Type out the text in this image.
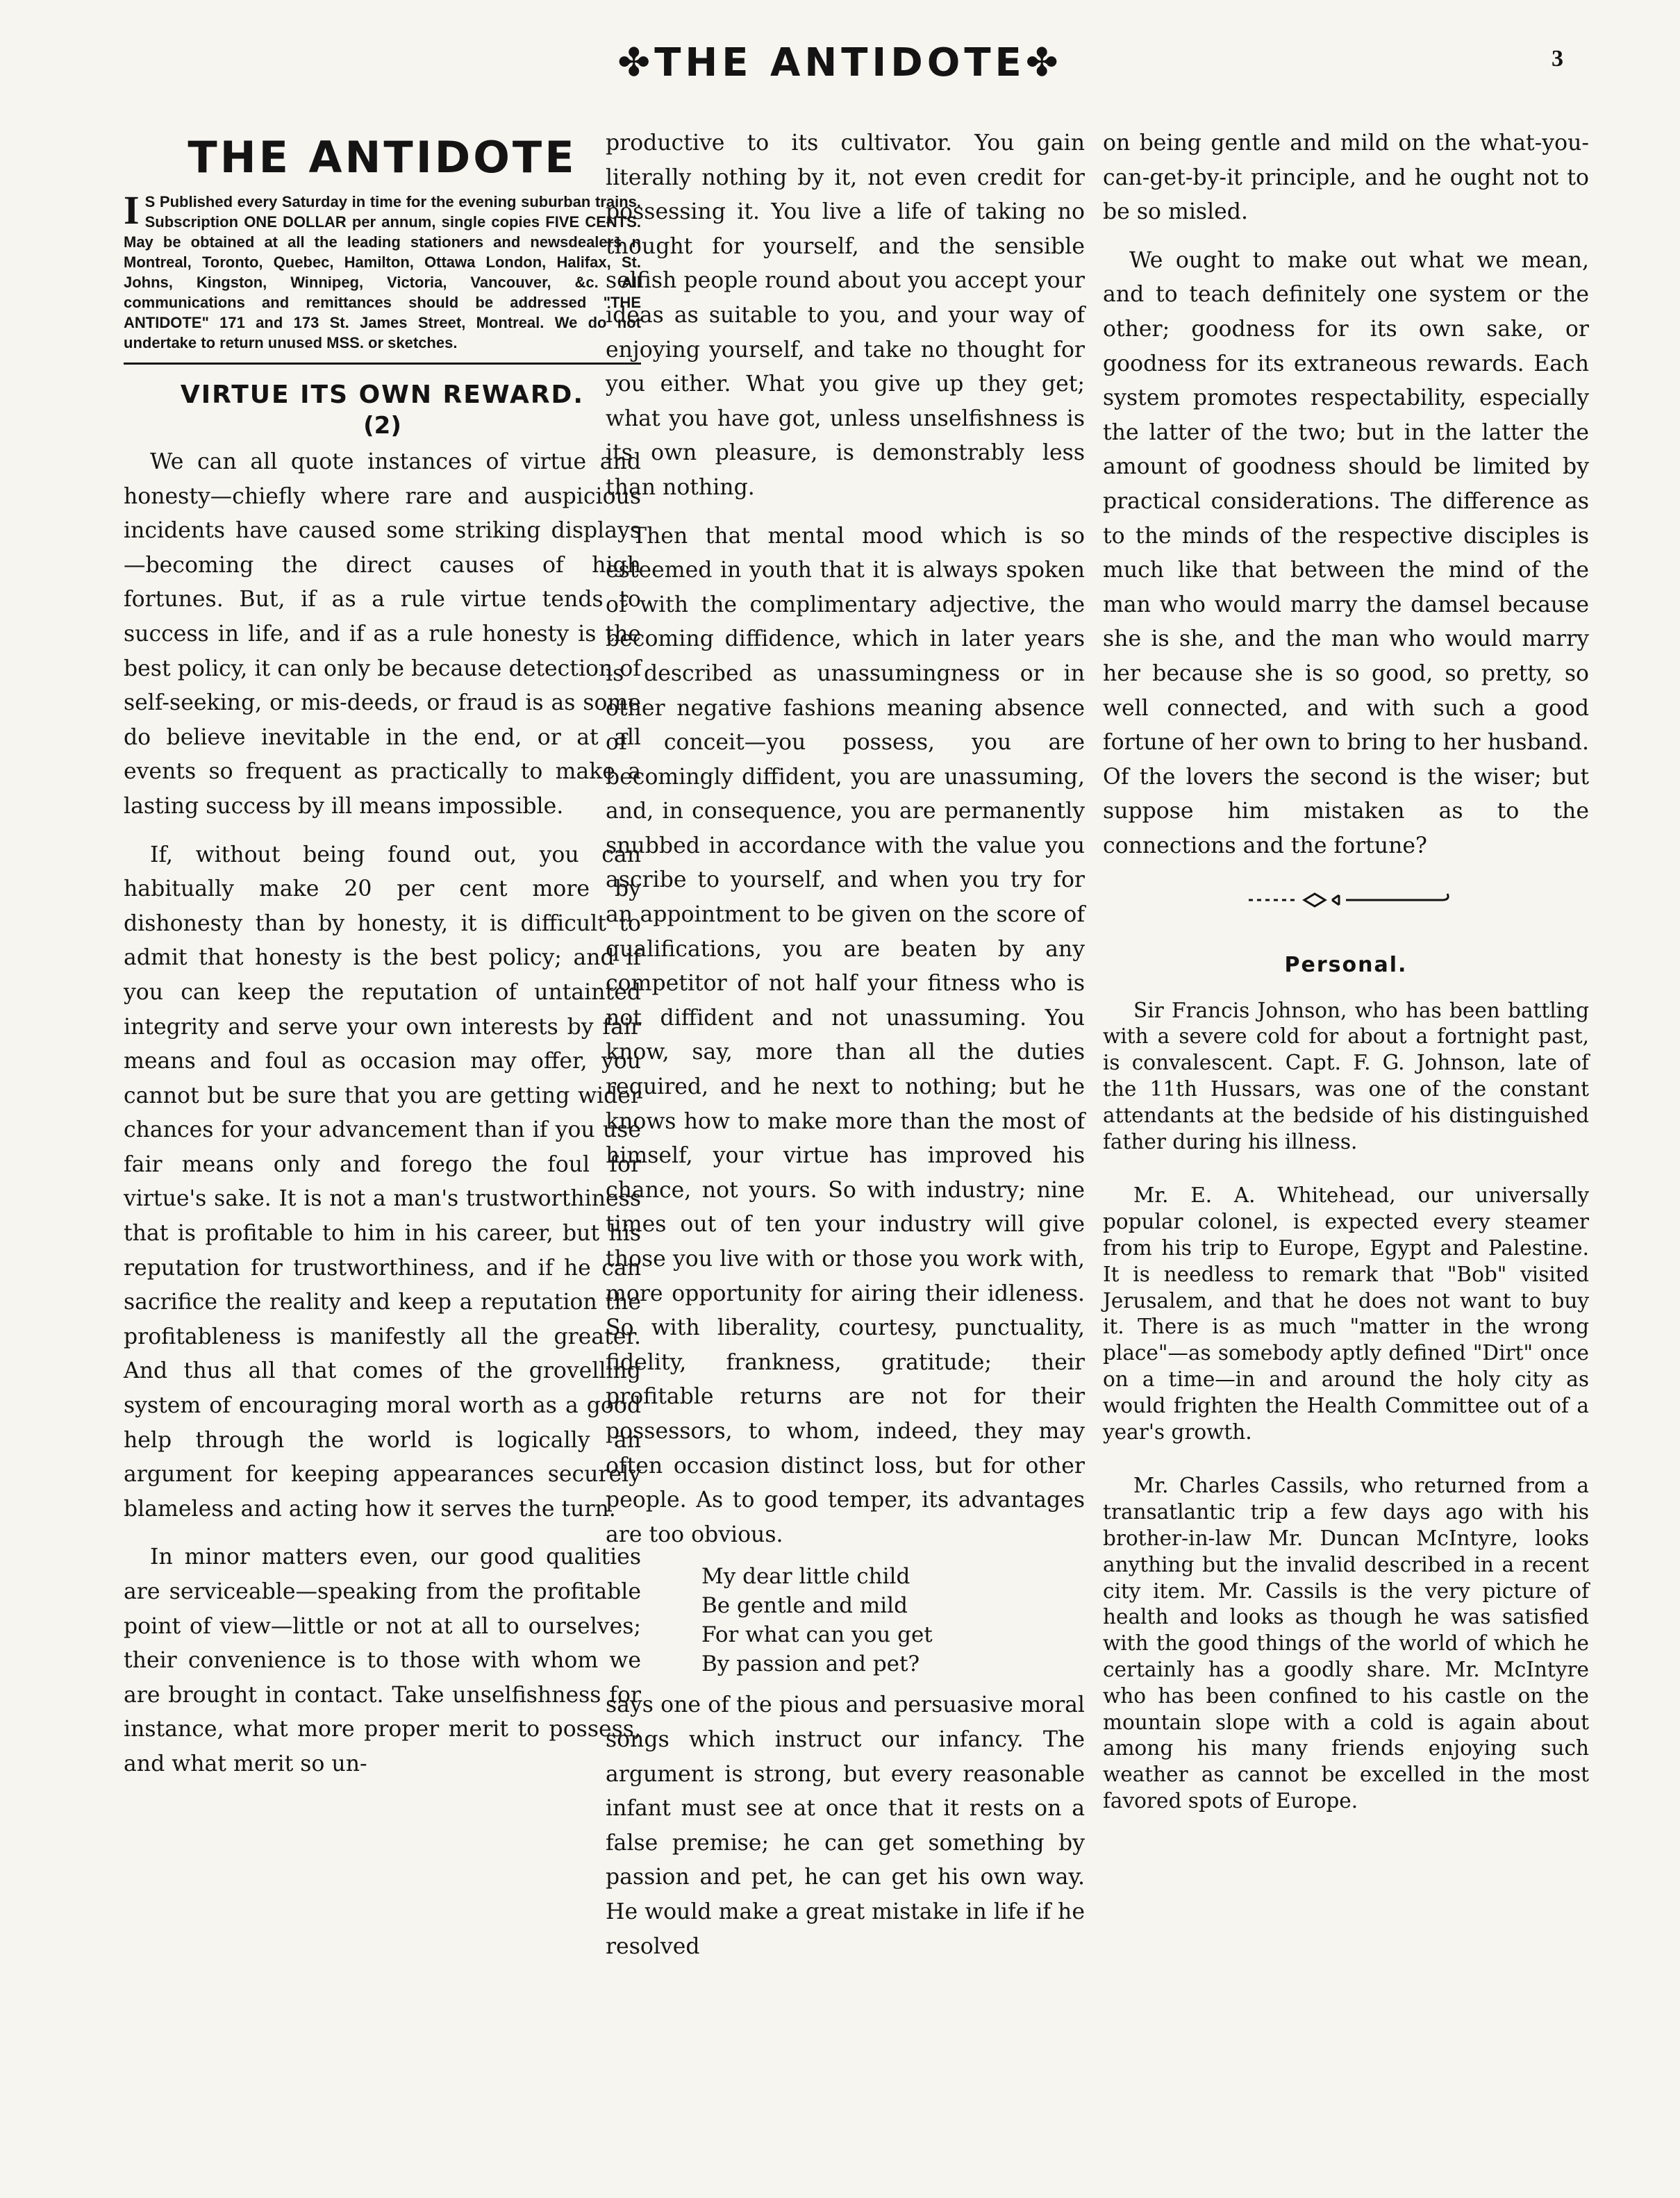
✤THE ANTIDOTE✤	3
THE ANTIDOTE
I S Published every Saturday in time for the evening suburban trains. Subscription ONE DOLLAR per annum, single copies FIVE CENTS. May be obtained at all the leading stationers and newsdealers n Montreal, Toronto, Quebec, Hamilton, Ottawa London, Halifax, St. Johns, Kingston, Winnipeg, Victoria, Vancouver, &c. All communications and remittances should be addressed "THE ANTIDOTE" 171 and 173 St. James Street, Montreal. We do not undertake to return unused MSS. or sketches.
VIRTUE ITS OWN REWARD.
(2)

We can all quote instances of virtue and honesty—chiefly where rare and auspicious incidents have caused some striking displays—becoming the direct causes of high fortunes. But, if as a rule virtue tends to success in life, and if as a rule honesty is the best policy, it can only be because detection of self-seeking, or mis-deeds, or fraud is as some do believe inevitable in the end, or at all events so frequent as practically to make a lasting success by ill means impossible.

If, without being found out, you can habitually make 20 per cent more by dishonesty than by honesty, it is difficult to admit that honesty is the best policy; and if you can keep the reputation of untainted integrity and serve your own interests by fair means and foul as occasion may offer, you cannot but be sure that you are getting wider chances for your advancement than if you use fair means only and forego the foul for virtue's sake. It is not a man's trustworthiness that is profitable to him in his career, but his reputation for trustworthiness, and if he can sacrifice the reality and keep a reputation the profitableness is manifestly all the greater. And thus all that comes of the grovelling system of encouraging moral worth as a good help through the world is logically an argument for keeping appearances securely blameless and acting how it serves the turn.

In minor matters even, our good qualities are serviceable—speaking from the profitable point of view—little or not at all to ourselves; their convenience is to those with whom we are brought in contact. Take unselfishness for instance, what more proper merit to possess, and what merit so un-

productive to its cultivator. You gain literally nothing by it, not even credit for possessing it. You live a life of taking no thought for yourself, and the sensible selfish people round about you accept your ideas as suitable to you, and your way of enjoying yourself, and take no thought for you either. What you give up they get; what you have got, unless unselfishness is its own pleasure, is demonstrably less than nothing.

Then that mental mood which is so esteemed in youth that it is always spoken of with the complimentary adjective, the becoming diffidence, which in later years is described as unassumingness or in other negative fashions meaning absence of conceit—you possess, you are becomingly diffident, you are unassuming, and, in consequence, you are permanently snubbed in accordance with the value you ascribe to yourself, and when you try for an appointment to be given on the score of qualifications, you are beaten by any competitor of not half your fitness who is not diffident and not unassuming. You know, say, more than all the duties required, and he next to nothing; but he knows how to make more than the most of himself, your virtue has improved his chance, not yours. So with industry; nine times out of ten your industry will give those you live with or those you work with, more opportunity for airing their idleness. So with liberality, courtesy, punctuality, fidelity, frankness, gratitude; their profitable returns are not for their possessors, to whom, indeed, they may often occasion distinct loss, but for other people. As to good temper, its advantages are too obvious.

My dear little child
Be gentle and mild
For what can you get
By passion and pet?

says one of the pious and persuasive moral songs which instruct our infancy. The argument is strong, but every reasonable infant must see at once that it rests on a false premise; he can get something by passion and pet, he can get his own way. He would make a great mistake in life if he resolved

on being gentle and mild on the what-you-can-get-by-it principle, and he ought not to be so misled.

We ought to make out what we mean, and to teach definitely one system or the other; goodness for its own sake, or goodness for its extraneous rewards. Each system promotes respectability, especially the latter of the two; but in the latter the amount of goodness should be limited by practical considerations. The difference as to the minds of the respective disciples is much like that between the mind of the man who would marry the damsel because she is she, and the man who would marry her because she is so good, so pretty, so well connected, and with such a good fortune of her own to bring to her husband. Of the lovers the second is the wiser; but suppose him mistaken as to the connections and the fortune?

Personal.

Sir Francis Johnson, who has been battling with a severe cold for about a fortnight past, is convalescent. Capt. F. G. Johnson, late of the 11th Hussars, was one of the constant attendants at the bedside of his distinguished father during his illness.

Mr. E. A. Whitehead, our universally popular colonel, is expected every steamer from his trip to Europe, Egypt and Palestine. It is needless to remark that "Bob" visited Jerusalem, and that he does not want to buy it. There is as much "matter in the wrong place"—as somebody aptly defined "Dirt" once on a time—in and around the holy city as would frighten the Health Committee out of a year's growth.

Mr. Charles Cassils, who returned from a transatlantic trip a few days ago with his brother-in-law Mr. Duncan McIntyre, looks anything but the invalid described in a recent city item. Mr. Cassils is the very picture of health and looks as though he was satisfied with the good things of the world of which he certainly has a goodly share. Mr. McIntyre who has been confined to his castle on the mountain slope with a cold is again about among his many friends enjoying such weather as cannot be excelled in the most favored spots of Europe.
